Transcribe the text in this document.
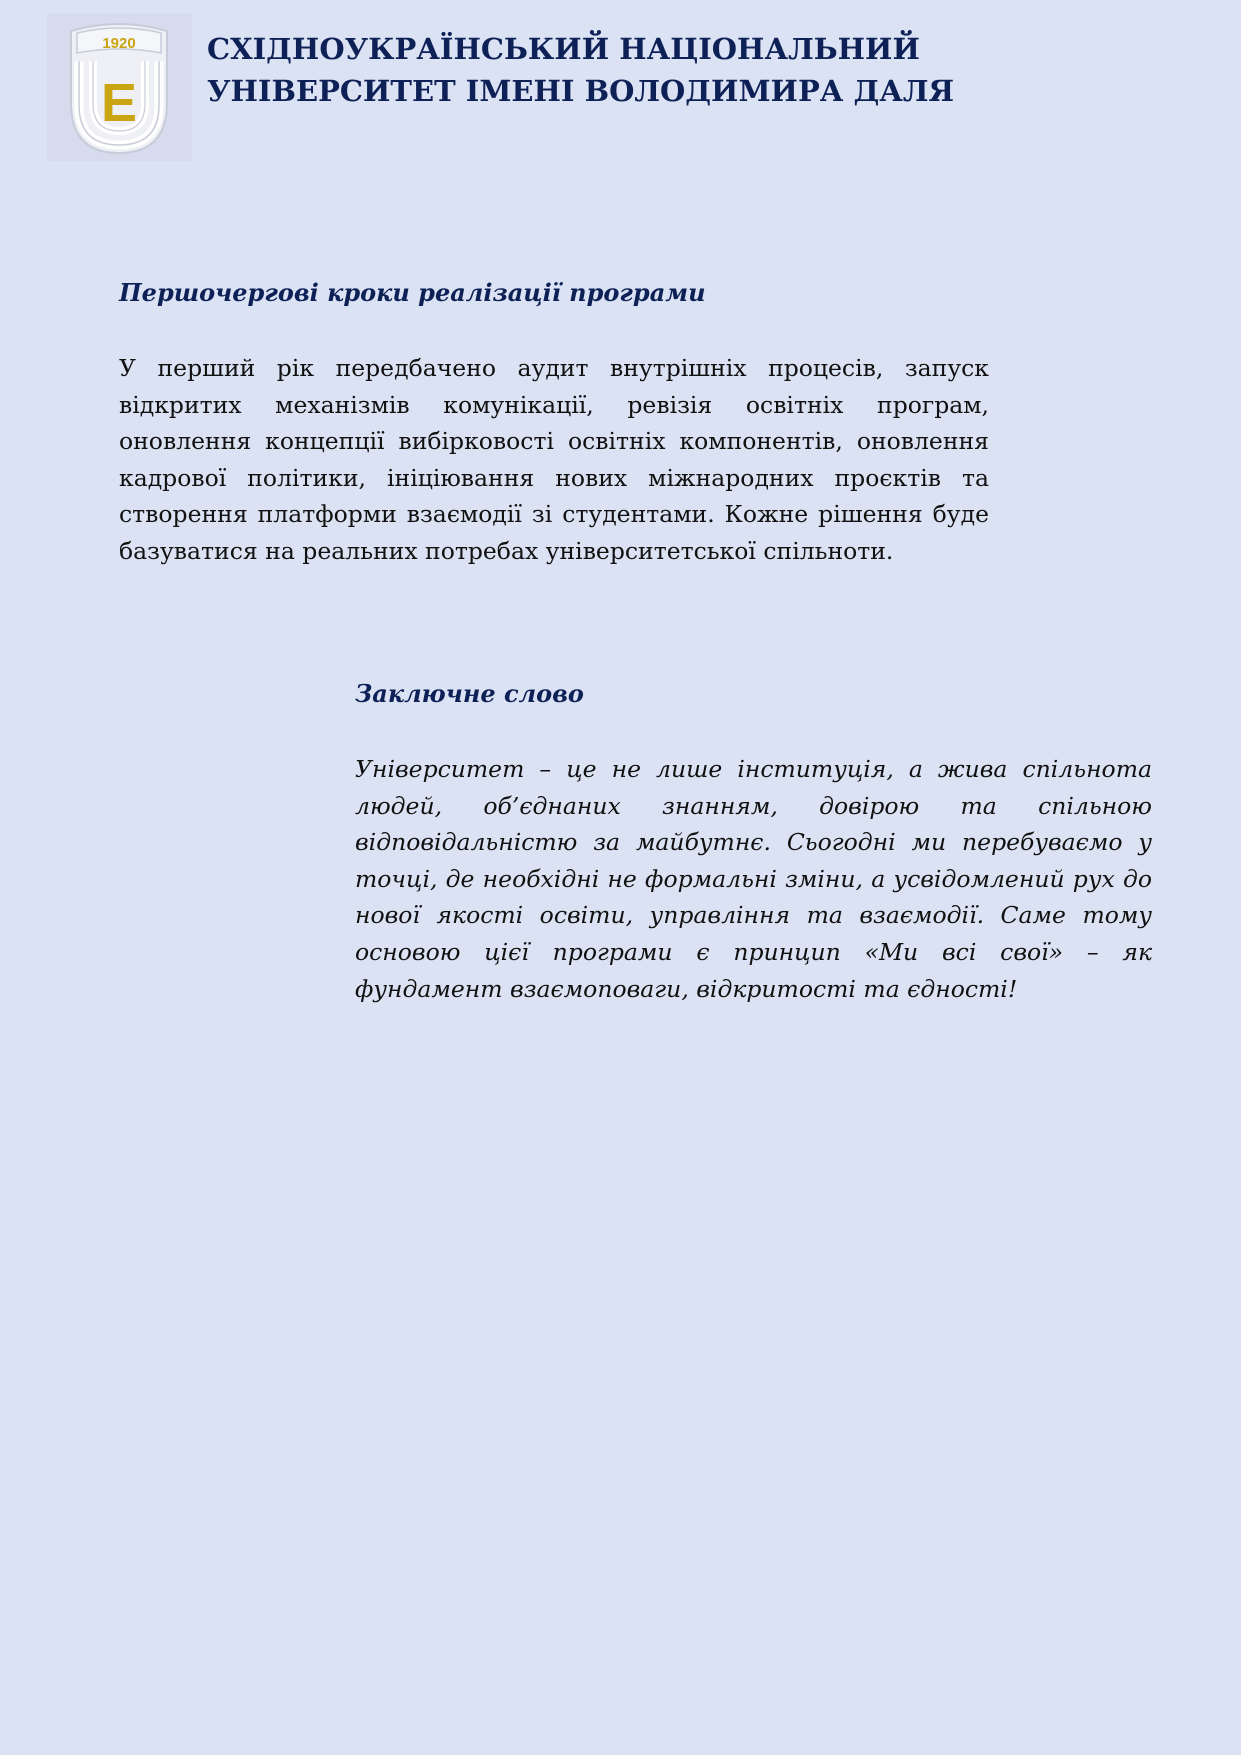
1920
Е
СХІДНОУКРАЇНСЬКИЙ НАЦІОНАЛЬНИЙ
УНІВЕРСИТЕТ ІМЕНІ ВОЛОДИМИРА ДАЛЯ
Першочергові кроки реалізації програми
У перший рік передбачено аудит внутрішніх процесів, запуск відкритих механізмів комунікації, ревізія освітніх програм, оновлення концепції вибірковості освітніх компонентів, оновлення кадрової політики, ініціювання нових міжнародних проєктів та створення платформи взаємодії зі студентами. Кожне рішення буде базуватися на реальних потребах університетської спільноти.
Заключне слово
Університет – це не лише інституція, а жива спільнота людей, об’єднаних знанням, довірою та спільною відповідальністю за майбутнє. Сьогодні ми перебуваємо у точці, де необхідні не формальні зміни, а усвідомлений рух до нової якості освіти, управління та взаємодії. Саме тому основою цієї програми є принцип «Ми всі свої» – як фундамент взаємоповаги, відкритості та єдності!
